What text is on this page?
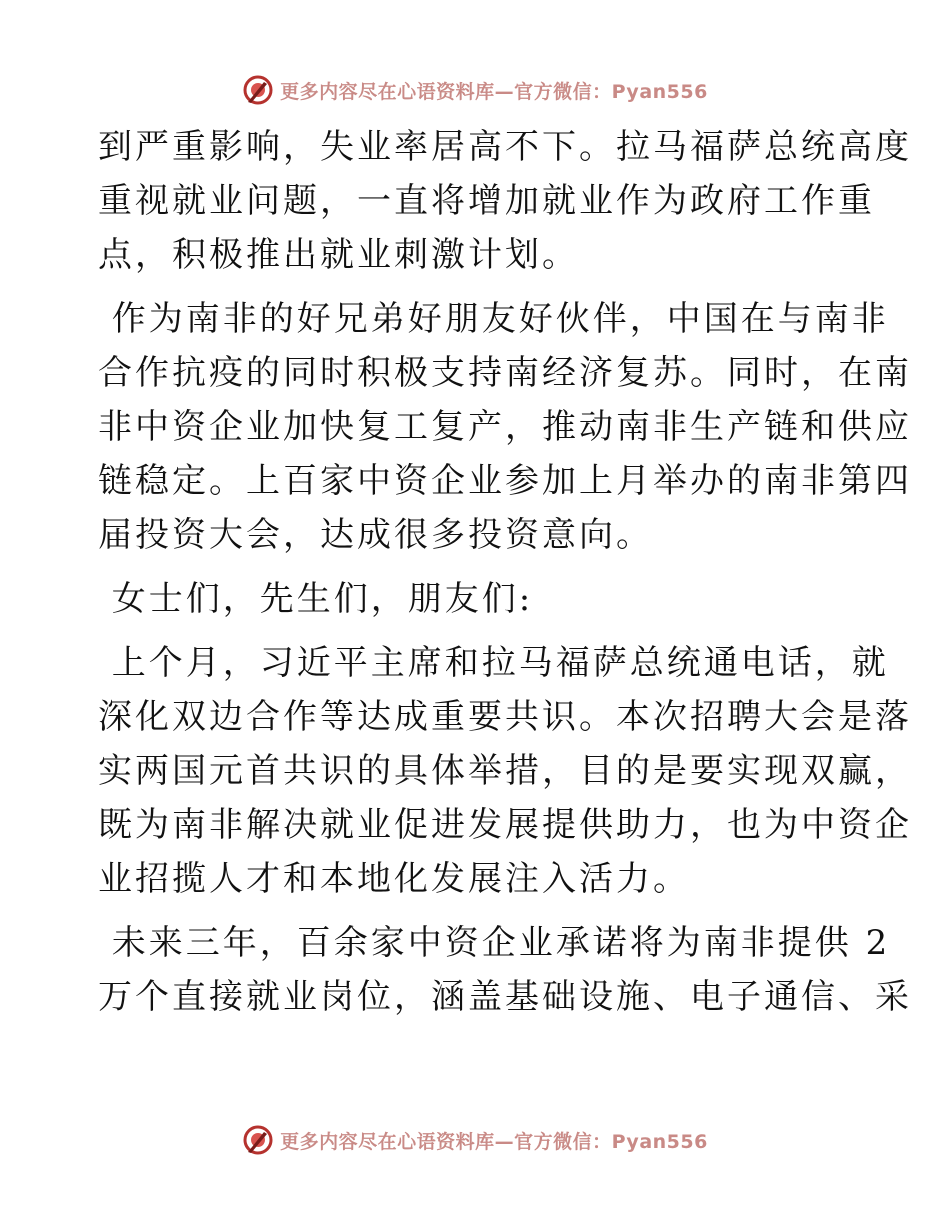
更多内容尽在心语资料库—官方微信：Pyan556

到严重影响，失业率居高不下。拉马福萨总统高度
重视就业问题，一直将增加就业作为政府工作重
点，积极推出就业刺激计划。

作为南非的好兄弟好朋友好伙伴，中国在与南非
合作抗疫的同时积极支持南经济复苏。同时，在南
非中资企业加快复工复产，推动南非生产链和供应
链稳定。上百家中资企业参加上月举办的南非第四
届投资大会，达成很多投资意向。

女士们，先生们，朋友们:

上个月，习近平主席和拉马福萨总统通电话，就
深化双边合作等达成重要共识。本次招聘大会是落
实两国元首共识的具体举措，目的是要实现双赢，
既为南非解决就业促进发展提供助力，也为中资企
业招揽人才和本地化发展注入活力。

未来三年，百余家中资企业承诺将为南非提供 2
万个直接就业岗位，涵盖基础设施、电子通信、采

更多内容尽在心语资料库—官方微信：Pyan556
